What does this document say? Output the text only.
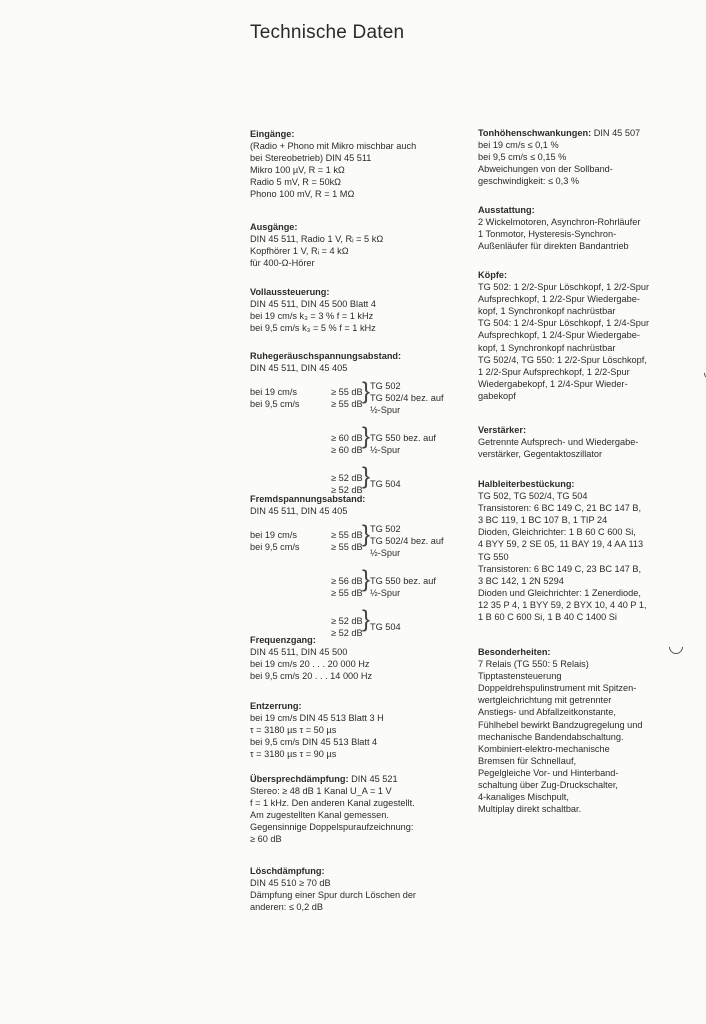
Technische Daten
Eingänge:
(Radio + Phono mit Mikro mischbar auch
bei Stereobetrieb) DIN 45 511
Mikro 100 µV, R = 1 kΩ
Radio 5 mV, R = 50kΩ
Phono 100 mV, R = 1 MΩ
Ausgänge:
DIN 45 511, Radio 1 V, Rᵢ = 5 kΩ
Kopfhörer 1 V, Rᵢ = 4 kΩ
für 400-Ω-Hörer
Vollaussteuerung:
DIN 45 511, DIN 45 500 Blatt 4
bei 19 cm/s k₃ = 3 % f = 1 kHz
bei 9,5 cm/s k₃ = 5 % f = 1 kHz
Ruhegeräuschspannungsabstand:
DIN 45 511, DIN 45 405
bei 19 cm/s	≥ 55 dB
bei 9,5 cm/s	≥ 55 dB } TG 502
TG 502/4 bez. auf
½-Spur
≥ 60 dB
≥ 60 dB
} TG 550 bez. auf
½-Spur
≥ 52 dB
≥ 52 dB
} TG 504
Fremdspannungsabstand:
DIN 45 511, DIN 45 405
bei 19 cm/s	≥ 55 dB
bei 9,5 cm/s	≥ 55 dB } TG 502
TG 502/4 bez. auf
½-Spur
≥ 56 dB
≥ 55 dB
} TG 550 bez. auf
½-Spur
≥ 52 dB
≥ 52 dB
} TG 504
Frequenzgang:
DIN 45 511, DIN 45 500
bei 19 cm/s 20 . . . 20 000 Hz
bei 9,5 cm/s 20 . . . 14 000 Hz
Entzerrung:
bei 19 cm/s DIN 45 513 Blatt 3 H
τ = 3180 µs τ = 50 µs
bei 9,5 cm/s DIN 45 513 Blatt 4
τ = 3180 µs τ = 90 µs
Übersprechdämpfung: DIN 45 521
Stereo: ≥ 48 dB 1 Kanal U_A = 1 V
f = 1 kHz. Den anderen Kanal zugestellt.
Am zugestellten Kanal gemessen.
Gegensinnige Doppelspuraufzeichnung:
≥ 60 dB
Löschdämpfung:
DIN 45 510 ≥ 70 dB
Dämpfung einer Spur durch Löschen der
anderen: ≤ 0,2 dB
Tonhöhenschwankungen: DIN 45 507
bei 19 cm/s ≤ 0,1 %
bei 9,5 cm/s ≤ 0,15 %
Abweichungen von der Sollband-
geschwindigkeit: ≤ 0,3 %
Ausstattung:
2 Wickelmotoren, Asynchron-Rohrläufer
1 Tonmotor, Hysteresis-Synchron-
Außenläufer für direkten Bandantrieb
Köpfe:
TG 502: 1 2/2-Spur Löschkopf, 1 2/2-Spur
Aufsprechkopf, 1 2/2-Spur Wiedergabe-
kopf, 1 Synchronkopf nachrüstbar
TG 504: 1 2/4-Spur Löschkopf, 1 2/4-Spur
Aufsprechkopf, 1 2/4-Spur Wiedergabe-
kopf, 1 Synchronkopf nachrüstbar
TG 502/4, TG 550: 1 2/2-Spur Löschkopf,
1 2/2-Spur Aufsprechkopf, 1 2/2-Spur
Wiedergabekopf, 1 2/4-Spur Wieder-
gabekopf
Verstärker:
Getrennte Aufsprech- und Wiedergabe-
verstärker, Gegentaktoszillator
Halbleiterbestückung:
TG 502, TG 502/4, TG 504
Transistoren: 6 BC 149 C, 21 BC 147 B,
3 BC 119, 1 BC 107 B, 1 TIP 24
Dioden, Gleichrichter: 1 B 60 C 600 Si,
4 BYY 59, 2 SE 05, 11 BAY 19, 4 AA 113
TG 550
Transistoren: 6 BC 149 C, 23 BC 147 B,
3 BC 142, 1 2N 5294
Dioden und Gleichrichter: 1 Zenerdiode,
12 35 P 4, 1 BYY 59, 2 BYX 10, 4 40 P 1,
1 B 60 C 600 Si, 1 B 40 C 1400 Si
Besonderheiten:
7 Relais (TG 550: 5 Relais)
Tipptastensteuerung
Doppeldrehspulinstrument mit Spitzen-
wertgleichrichtung mit getrennter
Anstiegs- und Abfallzeitkonstante,
Fühlhebel bewirkt Bandzugregelung und
mechanische Bandendabschaltung.
Kombiniert-elektro-mechanische
Bremsen für Schnellauf,
Pegelgleiche Vor- und Hinterband-
schaltung über Zug-Druckschalter,
4-kanaliges Mischpult,
Multiplay direkt schaltbar.
